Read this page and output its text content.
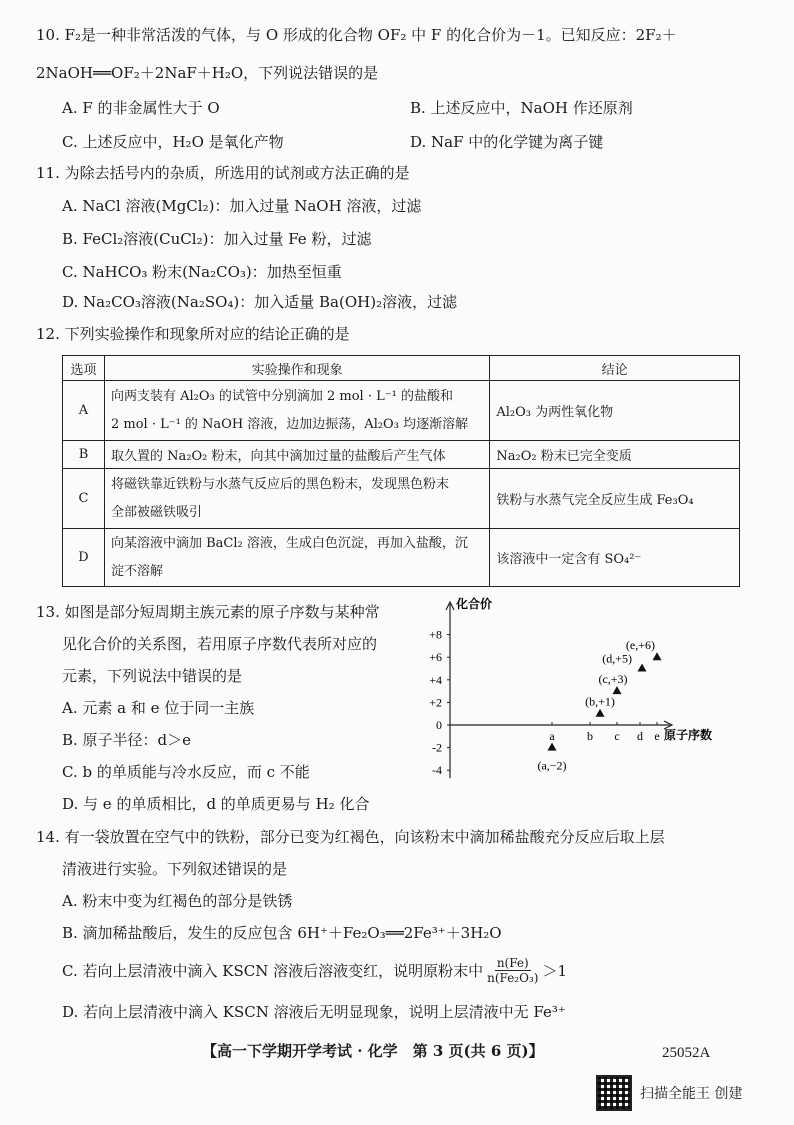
10. F₂是一种非常活泼的气体，与 O 形成的化合物 OF₂ 中 F 的化合价为－1。已知反应：2F₂＋
2NaOH══OF₂＋2NaF＋H₂O，下列说法错误的是
A. F 的非金属性大于 O	B. 上述反应中，NaOH 作还原剂
C. 上述反应中，H₂O 是氧化产物	D. NaF 中的化学键为离子键
11. 为除去括号内的杂质，所选用的试剂或方法正确的是
A. NaCl 溶液(MgCl₂)：加入过量 NaOH 溶液，过滤
B. FeCl₂溶液(CuCl₂)：加入过量 Fe 粉，过滤
C. NaHCO₃ 粉末(Na₂CO₃)：加热至恒重
D. Na₂CO₃溶液(Na₂SO₄)：加入适量 Ba(OH)₂溶液，过滤
12. 下列实验操作和现象所对应的结论正确的是
选项	实验操作和现象	结论
A	向两支装有 Al₂O₃ 的试管中分别滴加 2 mol · L⁻¹ 的盐酸和
2 mol · L⁻¹ 的 NaOH 溶液，边加边振荡，Al₂O₃ 均逐渐溶解	Al₂O₃ 为两性氧化物
B	取久置的 Na₂O₂ 粉末，向其中滴加过量的盐酸后产生气体	Na₂O₂ 粉末已完全变质
C	将磁铁靠近铁粉与水蒸气反应后的黑色粉末，发现黑色粉末
全部被磁铁吸引	铁粉与水蒸气完全反应生成 Fe₃O₄
D	向某溶液中滴加 BaCl₂ 溶液，生成白色沉淀，再加入盐酸，沉
淀不溶解	该溶液中一定含有 SO₄²⁻
13. 如图是部分短周期主族元素的原子序数与某种常
见化合价的关系图，若用原子序数代表所对应的
元素，下列说法中错误的是
A. 元素 a 和 e 位于同一主族
B. 原子半径：d＞e
C. b 的单质能与冷水反应，而 c 不能
D. 与 e 的单质相比，d 的单质更易与 H₂ 化合
化合价
原子序数
+8
+6
+4
+2
0
-2
-4
a	b c d e
(a,−2)
(b,+1)
(c,+3)
(d,+5)
(e,+6)
14. 有一袋放置在空气中的铁粉，部分已变为红褐色，向该粉末中滴加稀盐酸充分反应后取上层
清液进行实验。下列叙述错误的是
A. 粉末中变为红褐色的部分是铁锈
B. 滴加稀盐酸后，发生的反应包含 6H⁺＋Fe₂O₃══2Fe³⁺＋3H₂O
C. 若向上层清液中滴入 KSCN 溶液后溶液变红，说明原粉末中 $\frac{n(Fe)}{\text{n(Fe₂O₃)}} >1$
D. 若向上层清液中滴入 KSCN 溶液后无明显现象，说明上层清液中无 Fe³⁺
【高一下学期开学考试 · 化学　第 3 页(共 6 页)】	25052A
扫描全能王 创建
